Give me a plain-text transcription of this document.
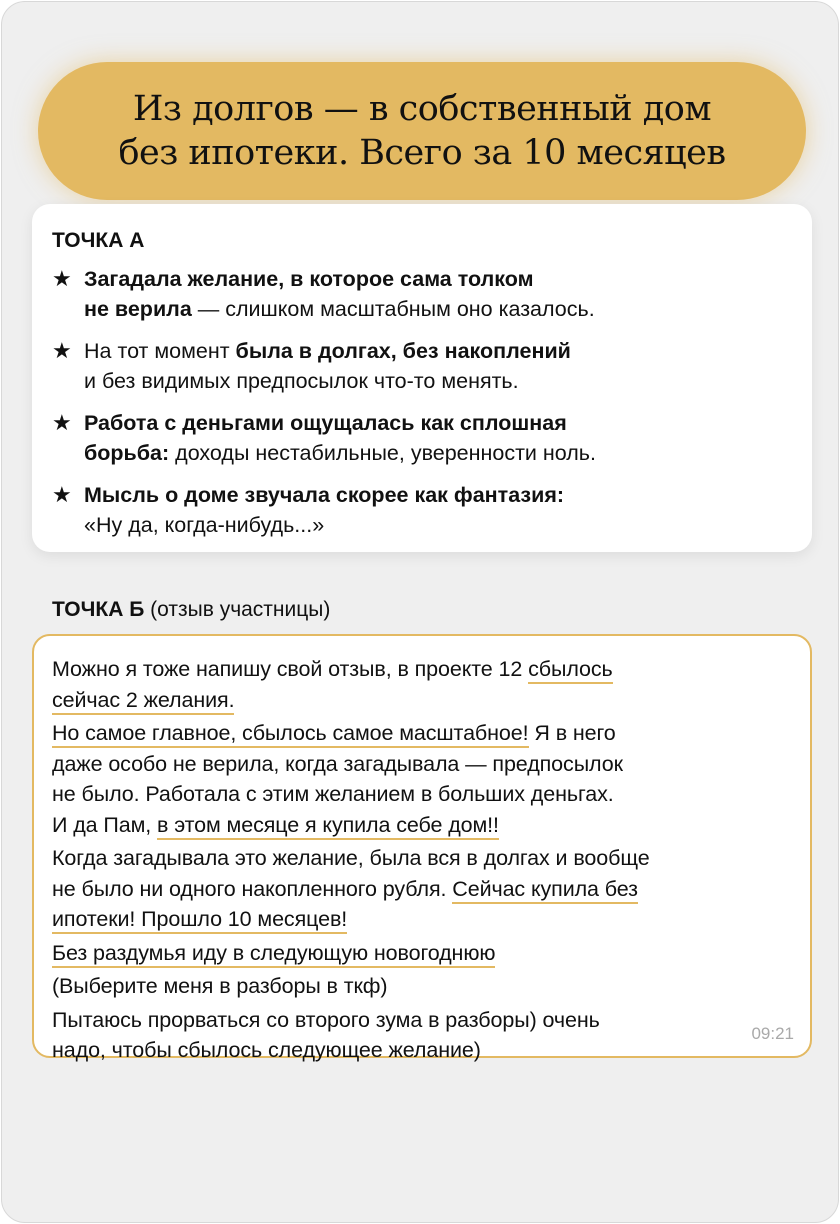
Из долгов — в собственный дом
без ипотеки. Всего за 10 месяцев
ТОЧКА А
★ Загадала желание, в которое сама толком
не верила — слишком масштабным оно казалось.
★ На тот момент была в долгах, без накоплений
и без видимых предпосылок что-то менять.
★ Работа с деньгами ощущалась как сплошная
борьба: доходы нестабильные, уверенности ноль.
★ Мысль о доме звучала скорее как фантазия:
«Ну да, когда-нибудь...»
ТОЧКА Б (отзыв участницы)
Можно я тоже напишу свой отзыв, в проекте 12 сбылось
сейчас 2 желания.
Но самое главное, сбылось самое масштабное! Я в него
даже особо не верила, когда загадывала — предпосылок
не было. Работала с этим желанием в больших деньгах.
И да Пам, в этом месяце я купила себе дом!!
Когда загадывала это желание, была вся в долгах и вообще
не было ни одного накопленного рубля. Сейчас купила без
ипотеки! Прошло 10 месяцев!
Без раздумья иду в следующую новогоднюю
(Выберите меня в разборы в ткф)
Пытаюсь прорваться со второго зума в разборы) очень
надо, чтобы сбылось следующее желание)
09:21
